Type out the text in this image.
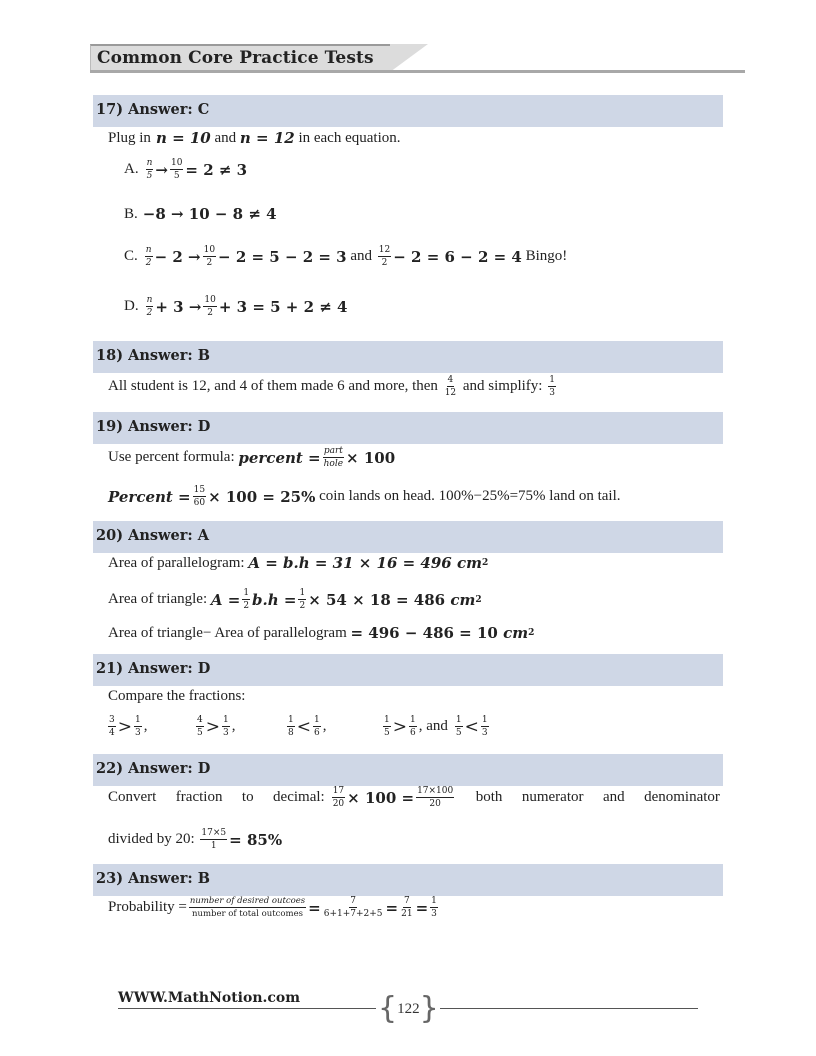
Common Core Practice Tests
17) Answer: C
Plug in n = 10 and n = 12 in each equation.
A. $\frac{n}{5} \to \frac{10}{5} = 2 \ne 3$
B. −8 → 10 − 8 ≠ 4
C. $\frac{n}{2} - 2 \to \frac{10}{2} - 2 = 5 - 2 = 3$ and $\frac{12}{2} - 2 = 6 - 2 = 4$ Bingo!
D. $\frac{n}{2} + 3 \to \frac{10}{2} + 3 = 5 + 2 \ne 4$
18) Answer: B
All student is 12, and 4 of them made 6 and more, then $\frac{4}{12}$ and simplify: $\frac{1}{3}$
19) Answer: D
Use percent formula: percent = $\frac{\text{part}}{\text{hole}} \times 100$
Percent = $\frac{15}{60} \times 100 = 25\%$ coin lands on head. 100%−25%=75% land on tail.
20) Answer: A
Area of parallelogram: A = b.h = 31 × 16 = 496 cm 2
Area of triangle: $A = \frac{1}{2} b.h = \frac{1}{2} \times 54 \times 18 = 486$ cm 2
Area of triangle− Area of parallelogram = 496 − 486 = 10 cm 2
21) Answer: D
Compare the fractions:
$\frac{3}{4} > \frac{1}{3}$ ,	$\frac{4}{5} > \frac{1}{3}$ ,	$\frac{1}{8} < \frac{1}{6}$ ,	$\frac{1}{5} > \frac{1}{6}$ , and $\frac{1}{5} < \frac{1}{3}$
22) Answer: D
Convert fraction to decimal: $\frac{17}{20} \times 100 = \frac{17\times 100}{20}$ both numerator and denominator
divided by 20: $\frac{17\times 5}{1} = 85\%$
23) Answer: B
Probability = $\frac{\text{number of desired outcoes}}{\text{number of total outcomes}} = \frac{7}{6+1+7+2+5} = \frac{7}{21} = \frac{1}{3}$
WWW.MathNotion.com	{ 122 }
